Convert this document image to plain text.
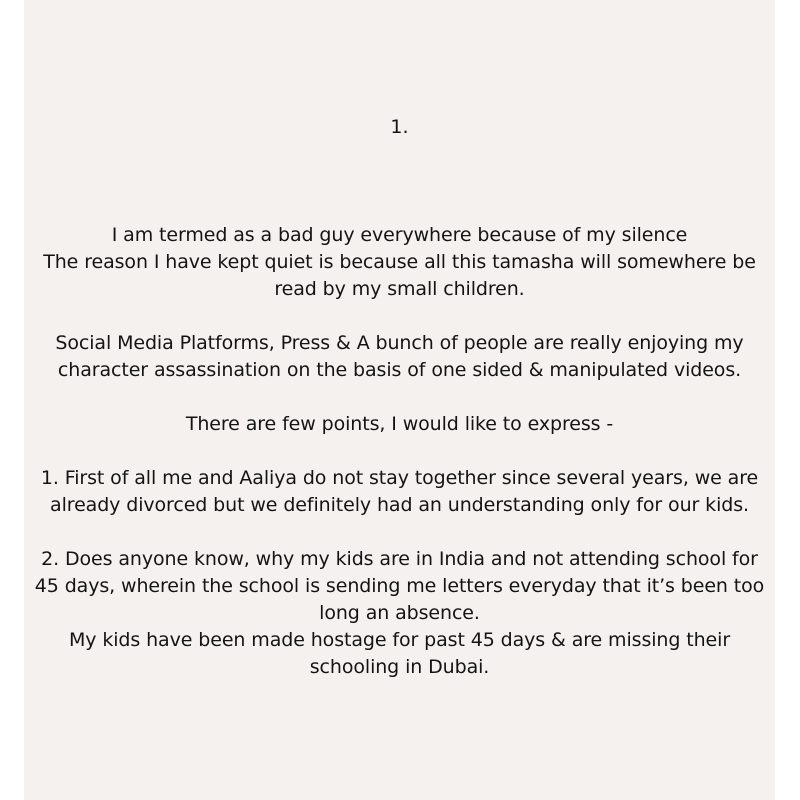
1.

I am termed as a bad guy everywhere because of my silence
The reason I have kept quiet is because all this tamasha will somewhere be
read by my small children.

Social Media Platforms, Press & A bunch of people are really enjoying my
character assassination on the basis of one sided & manipulated videos.

There are few points, I would like to express -

1. First of all me and Aaliya do not stay together since several years, we are
already divorced but we definitely had an understanding only for our kids.

2. Does anyone know, why my kids are in India and not attending school for
45 days, wherein the school is sending me letters everyday that it’s been too
long an absence.

My kids have been made hostage for past 45 days & are missing their
schooling in Dubai.
